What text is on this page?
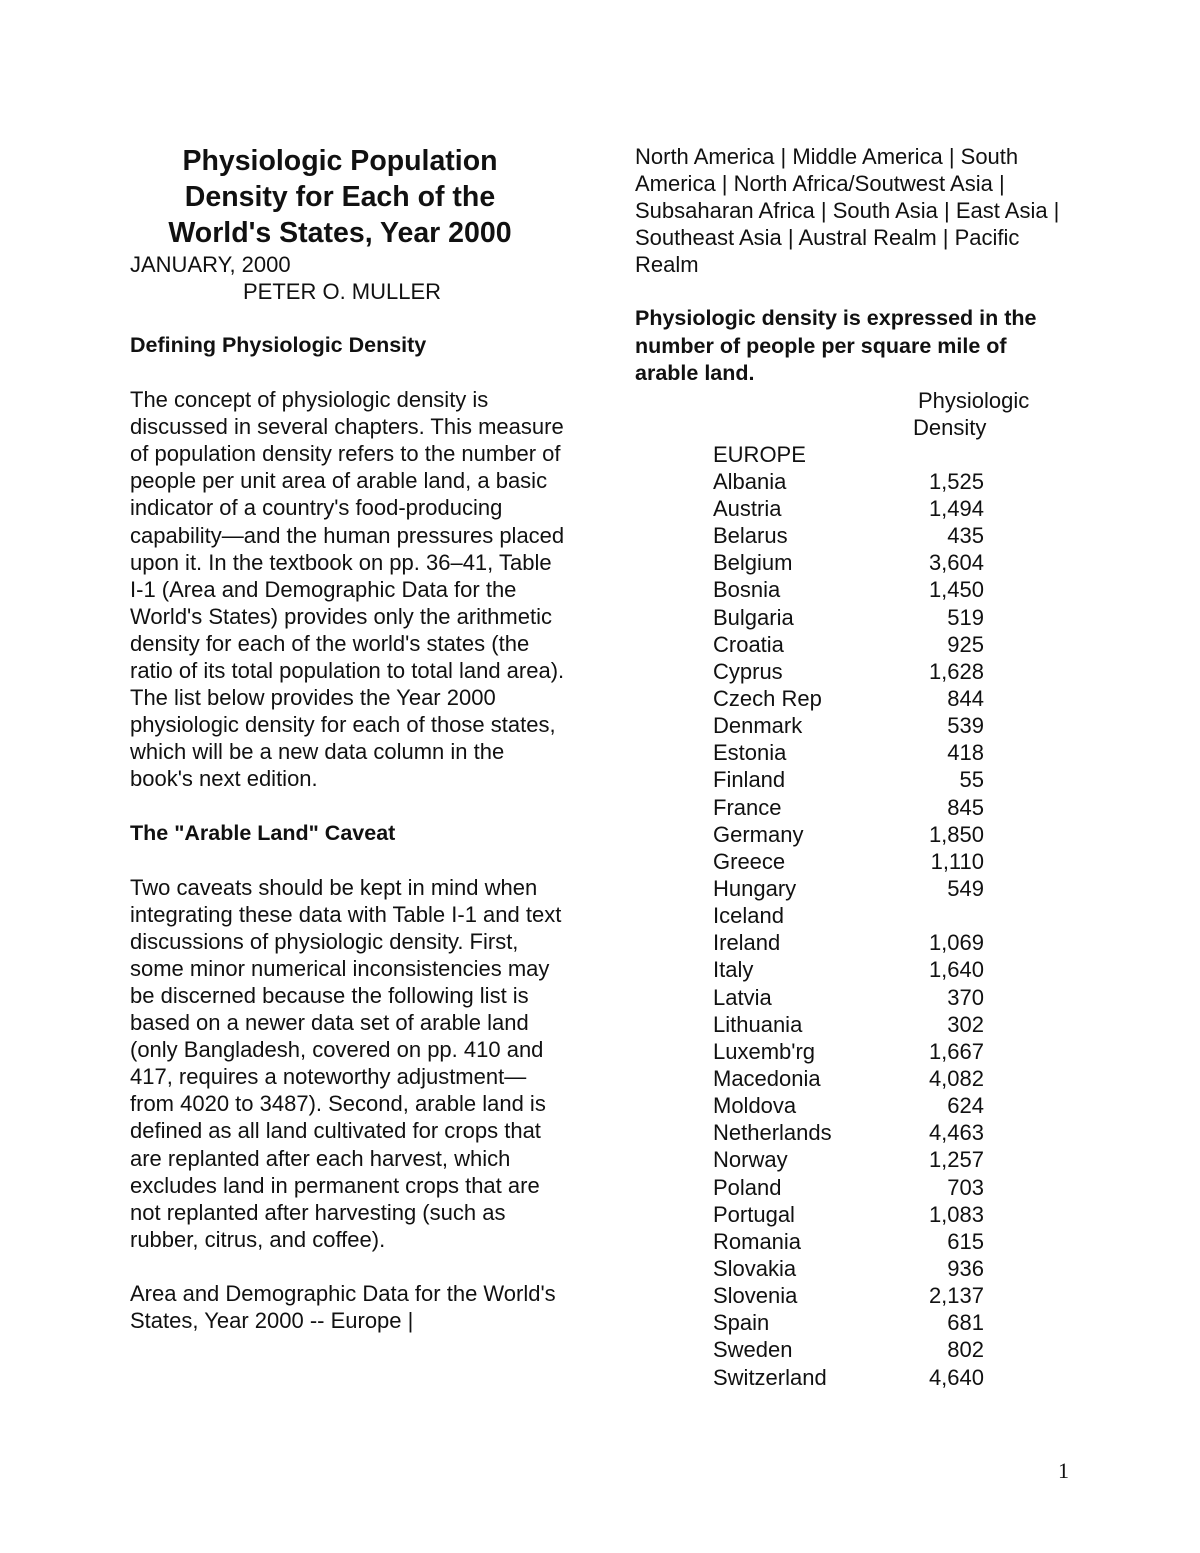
Physiologic Population Density for Each of the World's States, Year 2000

JANUARY, 2000

PETER O. MULLER

Defining Physiologic Density

The concept of physiologic density is discussed in several chapters. This measure of population density refers to the number of people per unit area of arable land, a basic indicator of a country's food-producing capability—and the human pressures placed upon it. In the textbook on pp. 36–41, Table I-1 (Area and Demographic Data for the World's States) provides only the arithmetic density for each of the world's states (the ratio of its total population to total land area). The list below provides the Year 2000 physiologic density for each of those states, which will be a new data column in the book's next edition.

The "Arable Land" Caveat

Two caveats should be kept in mind when integrating these data with Table I-1 and text discussions of physiologic density. First, some minor numerical inconsistencies may be discerned because the following list is based on a newer data set of arable land (only Bangladesh, covered on pp. 410 and 417, requires a noteworthy adjustment—from 4020 to 3487). Second, arable land is defined as all land cultivated for crops that are replanted after each harvest, which excludes land in permanent crops that are not replanted after harvesting (such as rubber, citrus, and coffee).

Area and Demographic Data for the World's States, Year 2000 -- Europe |

North America | Middle America | South America | North Africa/Soutwest Asia | Subsaharan Africa | South Asia | East Asia | Southeast Asia | Austral Realm | Pacific Realm

Physiologic density is expressed in the number of people per square mile of arable land.

Physiologic
Density
EUROPE
Albania	1,525
Austria	1,494
Belarus	435
Belgium	3,604
Bosnia	1,450
Bulgaria	519
Croatia	925
Cyprus	1,628
Czech Rep	844
Denmark	539
Estonia	418
Finland	55
France	845
Germany	1,850
Greece	1,110
Hungary	549
Iceland
Ireland	1,069
Italy	1,640
Latvia	370
Lithuania	302
Luxemb'rg	1,667
Macedonia	4,082
Moldova	624
Netherlands	4,463
Norway	1,257
Poland	703
Portugal	1,083
Romania	615
Slovakia	936
Slovenia	2,137
Spain	681
Sweden	802
Switzerland	4,640
1
